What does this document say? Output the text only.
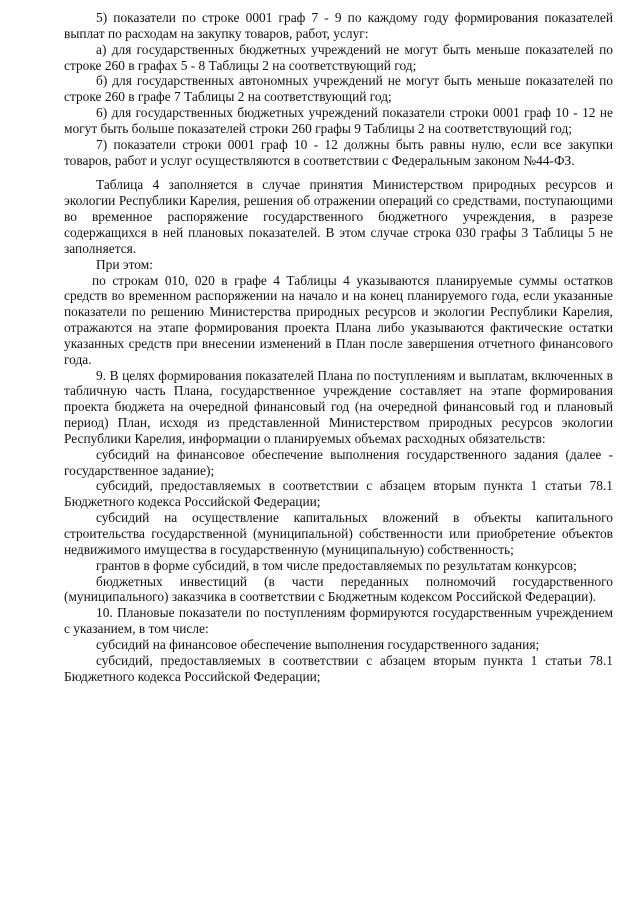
5) показатели по строке 0001 граф 7 - 9 по каждому году формирования показателей выплат по расходам на закупку товаров, работ, услуг:

а) для государственных бюджетных учреждений не могут быть меньше показателей по строке 260 в графах 5 - 8 Таблицы 2 на соответствующий год;

б) для государственных автономных учреждений не могут быть меньше показателей по строке 260 в графе 7 Таблицы 2 на соответствующий год;

6) для государственных бюджетных учреждений показатели строки 0001 граф 10 - 12 не могут быть больше показателей строки 260 графы 9 Таблицы 2 на соответствующий год;

7) показатели строки 0001 граф 10 - 12 должны быть равны нулю, если все закупки товаров, работ и услуг осуществляются в соответствии с Федеральным законом №44-ФЗ.

Таблица 4 заполняется в случае принятия Министерством природных ресурсов и экологии Республики Карелия, решения об отражении операций со средствами, поступающими во временное распоряжение государственного бюджетного учреждения, в разрезе содержащихся в ней плановых показателей. В этом случае строка 030 графы 3 Таблицы 5 не заполняется.

При этом:

по строкам 010, 020 в графе 4 Таблицы 4 указываются планируемые суммы остатков средств во временном распоряжении на начало и на конец планируемого года, если указанные показатели по решению Министерства природных ресурсов и экологии Республики Карелия, отражаются на этапе формирования проекта Плана либо указываются фактические остатки указанных средств при внесении изменений в План после завершения отчетного финансового года.

9. В целях формирования показателей Плана по поступлениям и выплатам, включенных в табличную часть Плана, государственное учреждение составляет на этапе формирования проекта бюджета на очередной финансовый год (на очередной финансовый год и плановый период) План, исходя из представленной Министерством природных ресурсов экологии Республики Карелия, информации о планируемых объемах расходных обязательств:

субсидий на финансовое обеспечение выполнения государственного задания (далее - государственное задание);

субсидий, предоставляемых в соответствии с абзацем вторым пункта 1 статьи 78.1 Бюджетного кодекса Российской Федерации;

субсидий на осуществление капитальных вложений в объекты капитального строительства государственной (муниципальной) собственности или приобретение объектов недвижимого имущества в государственную (муниципальную) собственность;

грантов в форме субсидий, в том числе предоставляемых по результатам конкурсов;

бюджетных инвестиций (в части переданных полномочий государственного (муниципального) заказчика в соответствии с Бюджетным кодексом Российской Федерации).

10. Плановые показатели по поступлениям формируются государственным учреждением с указанием, в том числе:

субсидий на финансовое обеспечение выполнения государственного задания;

субсидий, предоставляемых в соответствии с абзацем вторым пункта 1 статьи 78.1 Бюджетного кодекса Российской Федерации;
